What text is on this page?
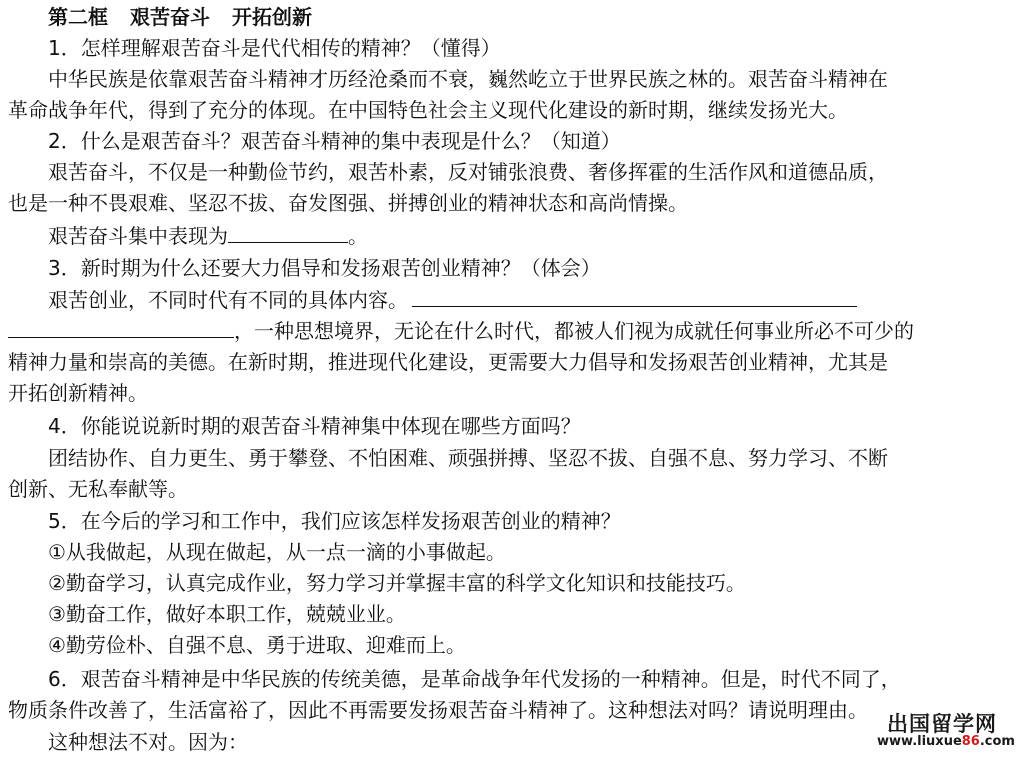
第二框 艰苦奋斗 开拓创新
1．怎样理解艰苦奋斗是代代相传的精神？（懂得）
中华民族是依靠艰苦奋斗精神才历经沧桑而不衰，巍然屹立于世界民族之林的。艰苦奋斗精神在
革命战争年代，得到了充分的体现。在中国特色社会主义现代化建设的新时期，继续发扬光大。
2．什么是艰苦奋斗？艰苦奋斗精神的集中表现是什么？（知道）
艰苦奋斗，不仅是一种勤俭节约，艰苦朴素，反对铺张浪费、奢侈挥霍的生活作风和道德品质，
也是一种不畏艰难、坚忍不拔、奋发图强、拼搏创业的精神状态和高尚情操。
艰苦奋斗集中表现为	。
3．新时期为什么还要大力倡导和发扬艰苦创业精神？（体会）
艰苦创业，不同时代有不同的具体内容。
，一种思想境界，无论在什么时代，都被人们视为成就任何事业所必不可少的
精神力量和崇高的美德。在新时期，推进现代化建设，更需要大力倡导和发扬艰苦创业精神，尤其是
开拓创新精神。
4．你能说说新时期的艰苦奋斗精神集中体现在哪些方面吗？
团结协作、自力更生、勇于攀登、不怕困难、顽强拼搏、坚忍不拔、自强不息、努力学习、不断
创新、无私奉献等。
5．在今后的学习和工作中，我们应该怎样发扬艰苦创业的精神？
①从我做起，从现在做起，从一点一滴的小事做起。
②勤奋学习，认真完成作业，努力学习并掌握丰富的科学文化知识和技能技巧。
③勤奋工作，做好本职工作，兢兢业业。
④勤劳俭朴、自强不息、勇于进取、迎难而上。
6．艰苦奋斗精神是中华民族的传统美德，是革命战争年代发扬的一种精神。但是，时代不同了，
物质条件改善了，生活富裕了，因此不再需要发扬艰苦奋斗精神了。这种想法对吗？请说明理由。
这种想法不对。因为：
出国留学网
www.liuxue86.com
